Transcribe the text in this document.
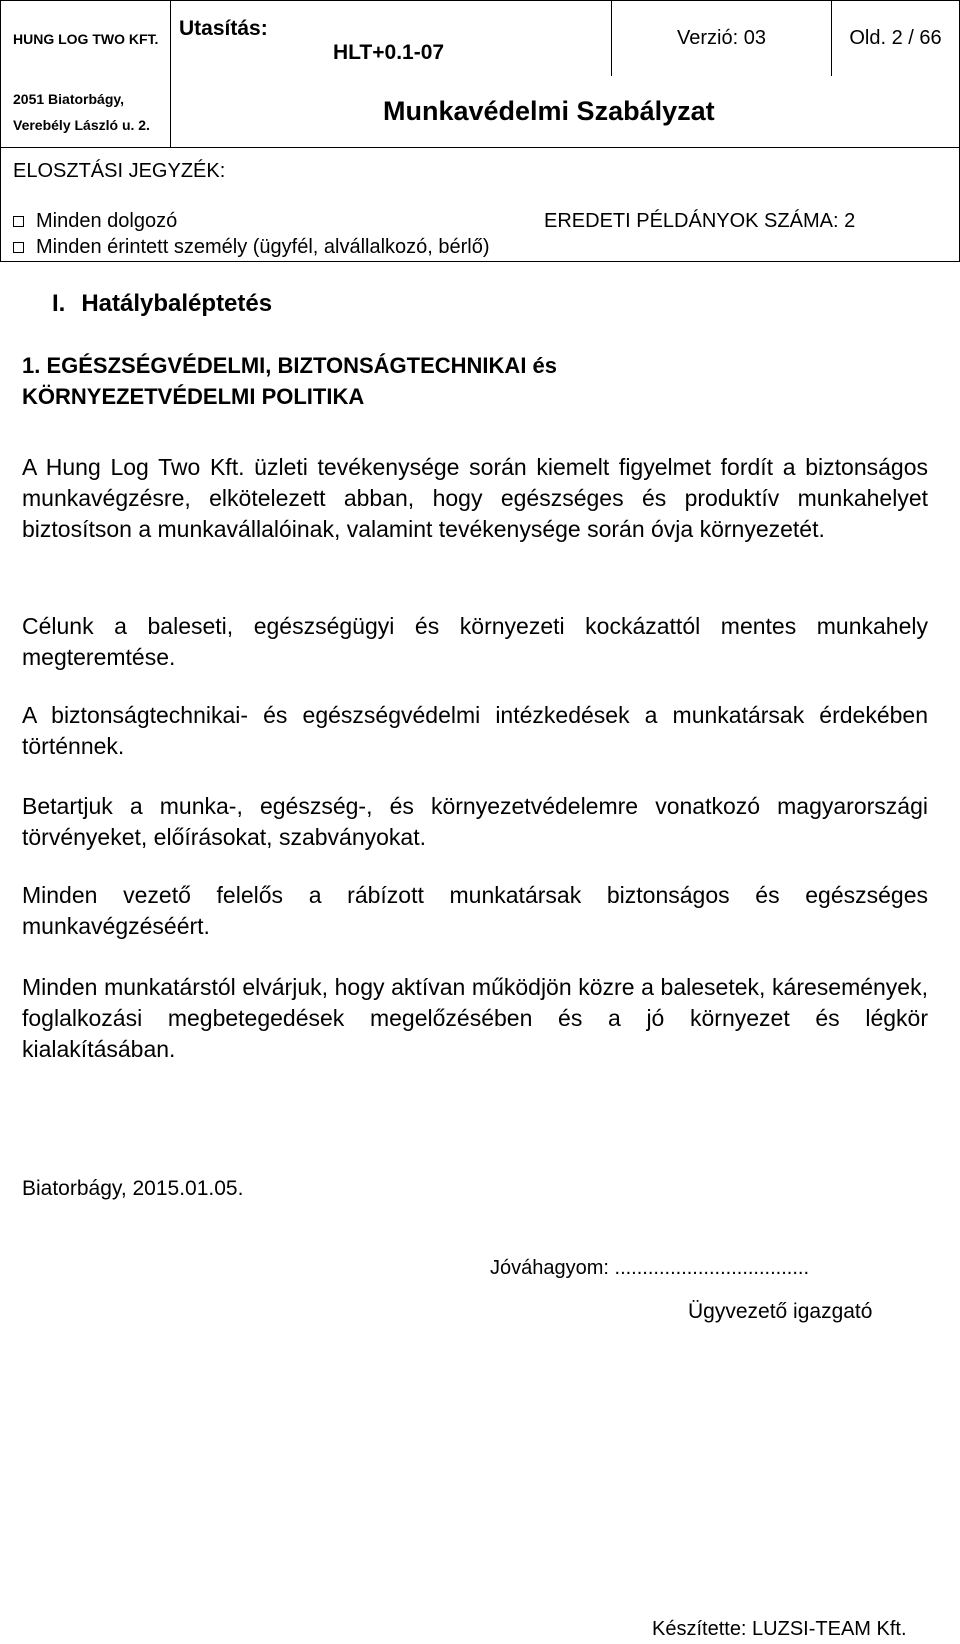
HUNG LOG TWO KFT. Utasítás:
HLT+0.1-07
Verzió: 03	Old. 2 / 66
2051 Biatorbágy,
Verebély László u. 2.	Munkavédelmi Szabályzat
ELOSZTÁSI JEGYZÉK:
Minden dolgozó
Minden érintett személy (ügyfél, alvállalkozó, bérlő)
EREDETI PÉLDÁNYOK SZÁMA: 2
I. Hatálybaléptetés
1. EGÉSZSÉGVÉDELMI, BIZTONSÁGTECHNIKAI és
KÖRNYEZETVÉDELMI POLITIKA
A Hung Log Two Kft. üzleti tevékenysége során kiemelt figyelmet fordít a biztonságos munkavégzésre, elkötelezett abban, hogy egészséges és produktív munkahelyet biztosítson a munkavállalóinak, valamint tevékenysége során óvja környezetét.
Célunk a baleseti, egészségügyi és környezeti kockázattól mentes munkahely megteremtése.
A biztonságtechnikai- és egészségvédelmi intézkedések a munkatársak érdekében történnek.
Betartjuk a munka-, egészség-, és környezetvédelemre vonatkozó magyarországi törvényeket, előírásokat, szabványokat.
Minden vezető felelős a rábízott munkatársak biztonságos és egészséges munkavégzéséért.
Minden munkatárstól elvárjuk, hogy aktívan működjön közre a balesetek, káresemények, foglalkozási megbetegedések megelőzésében és a jó környezet és légkör kialakításában.
Biatorbágy, 2015.01.05.
Jóváhagyom: ...................................
Ügyvezető igazgató
Készítette: LUZSI-TEAM Kft.
